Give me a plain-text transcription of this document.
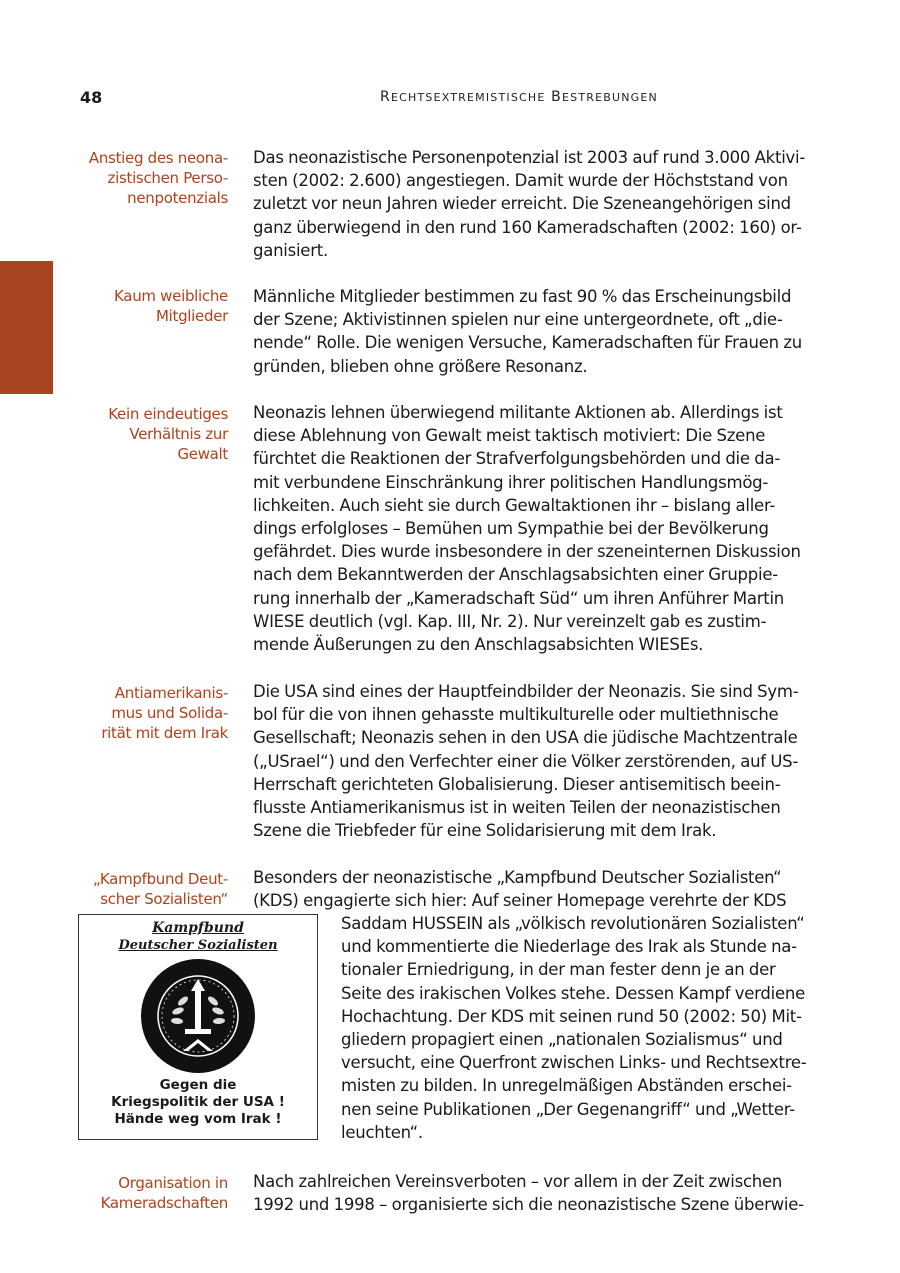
48	RECHTSEXTREMISTISCHE BESTREBUNGEN
Anstieg des neona-
zistischen Perso-
nenpotenzials
Das neonazistische Personenpotenzial ist 2003 auf rund 3.000 Aktivi-
sten (2002: 2.600) angestiegen. Damit wurde der Höchststand von
zuletzt vor neun Jahren wieder erreicht. Die Szeneangehörigen sind
ganz überwiegend in den rund 160 Kameradschaften (2002: 160) or-
ganisiert.
Kaum weibliche
Mitglieder
Männliche Mitglieder bestimmen zu fast 90 % das Erscheinungsbild
der Szene; Aktivistinnen spielen nur eine untergeordnete, oft „die-
nende“ Rolle. Die wenigen Versuche, Kameradschaften für Frauen zu
gründen, blieben ohne größere Resonanz.
Kein eindeutiges
Verhältnis zur
Gewalt
Neonazis lehnen überwiegend militante Aktionen ab. Allerdings ist
diese Ablehnung von Gewalt meist taktisch motiviert: Die Szene
fürchtet die Reaktionen der Strafverfolgungsbehörden und die da-
mit verbundene Einschränkung ihrer politischen Handlungsmög-
lichkeiten. Auch sieht sie durch Gewaltaktionen ihr – bislang aller-
dings erfolgloses – Bemühen um Sympathie bei der Bevölkerung
gefährdet. Dies wurde insbesondere in der szeneinternen Diskussion
nach dem Bekanntwerden der Anschlagsabsichten einer Gruppie-
rung innerhalb der „Kameradschaft Süd“ um ihren Anführer Martin
WIESE deutlich (vgl. Kap. III, Nr. 2). Nur vereinzelt gab es zustim-
mende Äußerungen zu den Anschlagsabsichten WIESEs.
Antiamerikanis-
mus und Solida-
rität mit dem Irak
Die USA sind eines der Hauptfeindbilder der Neonazis. Sie sind Sym-
bol für die von ihnen gehasste multikulturelle oder multiethnische
Gesellschaft; Neonazis sehen in den USA die jüdische Machtzentrale
(„USrael“) und den Verfechter einer die Völker zerstörenden, auf US-
Herrschaft gerichteten Globalisierung. Dieser antisemitisch beein-
flusste Antiamerikanismus ist in weiten Teilen der neonazistischen
Szene die Triebfeder für eine Solidarisierung mit dem Irak.
„Kampfbund Deut-
scher Sozialisten“
Besonders der neonazistische „Kampfbund Deutscher Sozialisten“
(KDS) engagierte sich hier: Auf seiner Homepage verehrte der KDS
Saddam HUSSEIN als „völkisch revolutionären Sozialisten“
und kommentierte die Niederlage des Irak als Stunde na-
tionaler Erniedrigung, in der man fester denn je an der
Seite des irakischen Volkes stehe. Dessen Kampf verdiene
Hochachtung. Der KDS mit seinen rund 50 (2002: 50) Mit-
gliedern propagiert einen „nationalen Sozialismus“ und
versucht, eine Querfront zwischen Links- und Rechtsextre-
misten zu bilden. In unregelmäßigen Abständen erschei-
nen seine Publikationen „Der Gegenangriff“ und „Wetter-
leuchten“.
Kampfbund
Deutscher Sozialisten
Gegen die
Kriegspolitik der USA !
Hände weg vom Irak !
Organisation in
Kameradschaften
Nach zahlreichen Vereinsverboten – vor allem in der Zeit zwischen
1992 und 1998 – organisierte sich die neonazistische Szene überwie-
